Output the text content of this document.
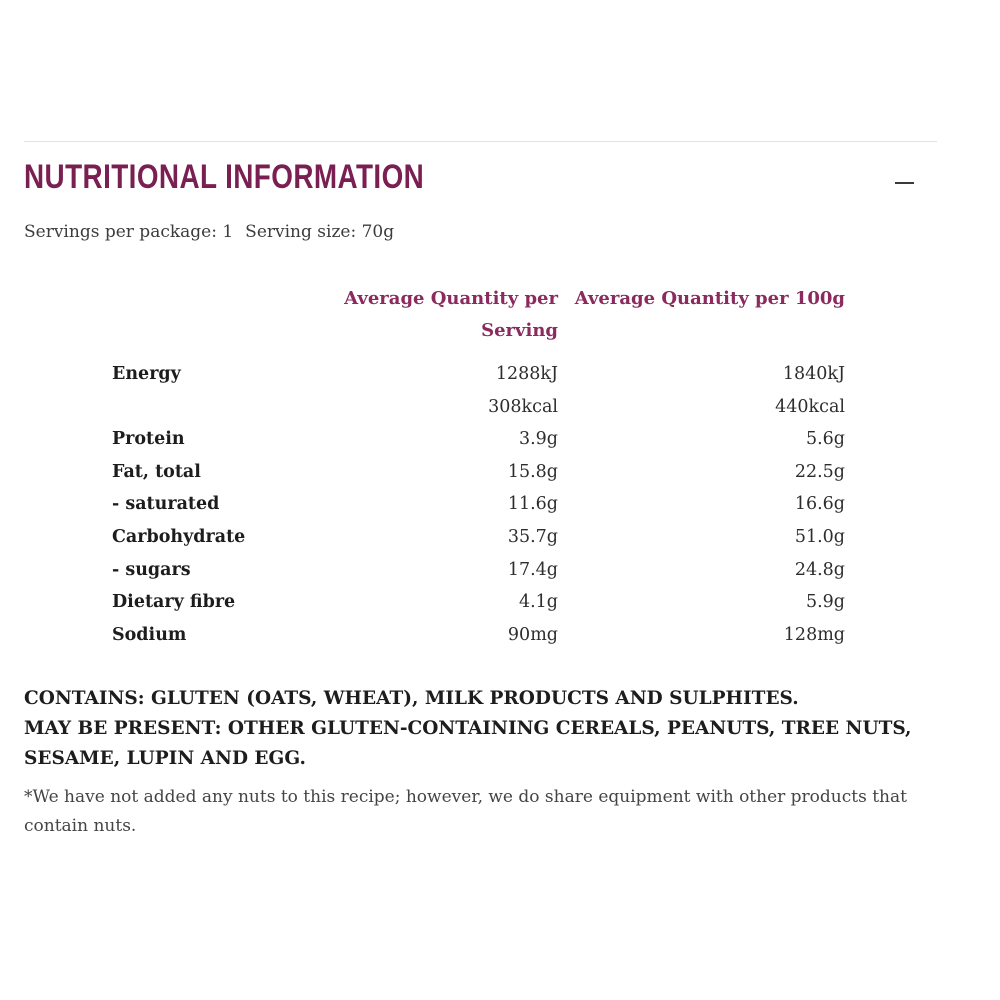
NUTRITIONAL INFORMATION
Servings per package: 1 Serving size: 70g
Average Quantity per Serving
Average Quantity per 100g
Energy	1288kJ	1840kJ
308kcal	440kcal
Protein	3.9g	5.6g
Fat, total	15.8g	22.5g
- saturated	11.6g	16.6g
Carbohydrate	35.7g	51.0g
- sugars	17.4g	24.8g
Dietary fibre	4.1g	5.9g
Sodium	90mg	128mg

CONTAINS: GLUTEN (OATS, WHEAT), MILK PRODUCTS AND SULPHITES.

MAY BE PRESENT: OTHER GLUTEN-CONTAINING CEREALS, PEANUTS, TREE NUTS, SESAME, LUPIN AND EGG.

*We have not added any nuts to this recipe; however, we do share equipment with other products that contain nuts.
